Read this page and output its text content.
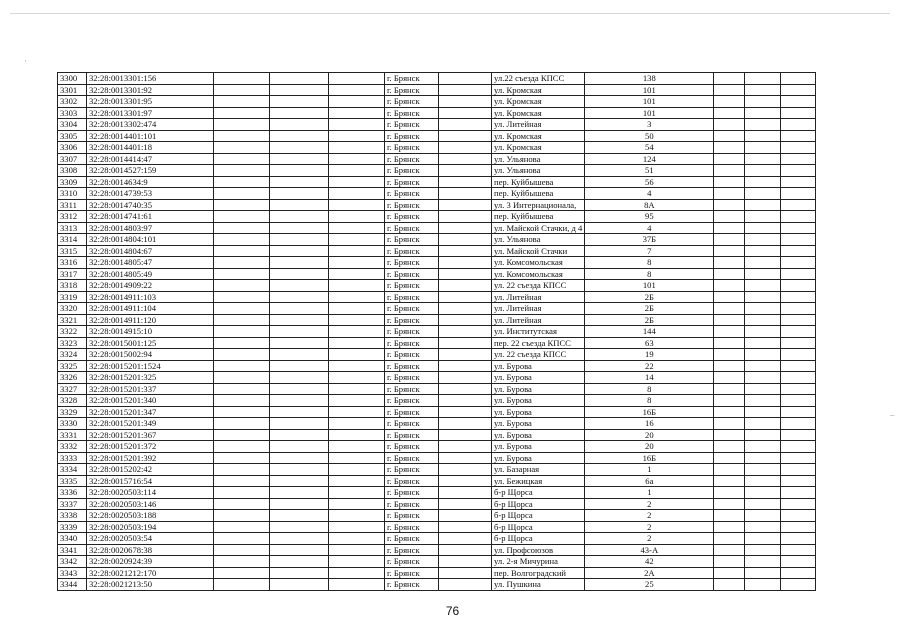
·
–
3300	32:28:0013301:156				г. Брянск		ул.22 съезда КПСС	138			
3301	32:28:0013301:92				г. Брянск		ул. Кромская	101			
3302	32:28:0013301:95				г. Брянск		ул. Кромская	101			
3303	32:28:0013301:97				г. Брянск		ул. Кромская	101			
3304	32:28:0013302:474				г. Брянск		ул. Литейная	3			
3305	32:28:0014401:101				г. Брянск		ул. Кромская	50			
3306	32:28:0014401:18				г. Брянск		ул. Кромская	54			
3307	32:28:0014414:47				г. Брянск		ул. Ульянова	124			
3308	32:28:0014527:159				г. Брянск		ул. Ульянова	51			
3309	32:28:0014634:9				г. Брянск		пер. Куйбышева	56			
3310	32:28:0014739:53				г. Брянск		пер. Куйбышева	4			
3311	32:28:0014740:35				г. Брянск		ул. 3 Интернационала,	8А			
3312	32:28:0014741:61				г. Брянск		пер. Куйбышева	95			
3313	32:28:0014803:97				г. Брянск		ул. Майской Стачки, д 4	4			
3314	32:28:0014804:101				г. Брянск		ул. Ульянова	37Б			
3315	32:28:0014804:67				г. Брянск		ул. Майской Стачки	7			
3316	32:28:0014805:47				г. Брянск		ул. Комсомольская	8			
3317	32:28:0014805:49				г. Брянск		ул. Комсомольская	8			
3318	32:28:0014909:22				г. Брянск		ул. 22 съезда КПСС	101			
3319	32:28:0014911:103				г. Брянск		ул. Литейная	2Б			
3320	32:28:0014911:104				г. Брянск		ул. Литейная	2Б			
3321	32:28:0014911:120				г. Брянск		ул. Литейная	2Б			
3322	32:28:0014915:10				г. Брянск		ул. Институтская	144			
3323	32:28:0015001:125				г. Брянск		пер. 22 съезда КПСС	63			
3324	32:28:0015002:94				г. Брянск		ул. 22 съезда КПСС	19			
3325	32:28:0015201:1524				г. Брянск		ул. Бурова	22			
3326	32:28:0015201:325				г. Брянск		ул. Бурова	14			
3327	32:28:0015201:337				г. Брянск		ул. Бурова	8			
3328	32:28:0015201:340				г. Брянск		ул. Бурова	8			
3329	32:28:0015201:347				г. Брянск		ул. Бурова	16Б			
3330	32:28:0015201:349				г. Брянск		ул. Бурова	16			
3331	32:28:0015201:367				г. Брянск		ул. Бурова	20			
3332	32:28:0015201:372				г. Брянск		ул. Бурова	20			
3333	32:28:0015201:392				г. Брянск		ул. Бурова	16Б			
3334	32:28:0015202:42				г. Брянск		ул. Базарная	1			
3335	32:28:0015716:54				г. Брянск		ул. Бежицкая	6а			
3336	32:28:0020503:114				г. Брянск		б-р Щорса	1			
3337	32:28:0020503:146				г. Брянск		б-р Щорса	2			
3338	32:28:0020503:188				г. Брянск		б-р Щорса	2			
3339	32:28:0020503:194				г. Брянск		б-р Щорса	2			
3340	32:28:0020503:54				г. Брянск		б-р Щорса	2			
3341	32:28:0020678:38				г. Брянск		ул. Профсоюзов	43-А			
3342	32:28:0020924:39				г. Брянск		ул. 2-я Мичурина	42			
3343	32:28:0021212:170				г. Брянск		пер. Волгоградский	2А			
3344	32:28:0021213:50				г. Брянск		ул. Пушкина	25			
76
